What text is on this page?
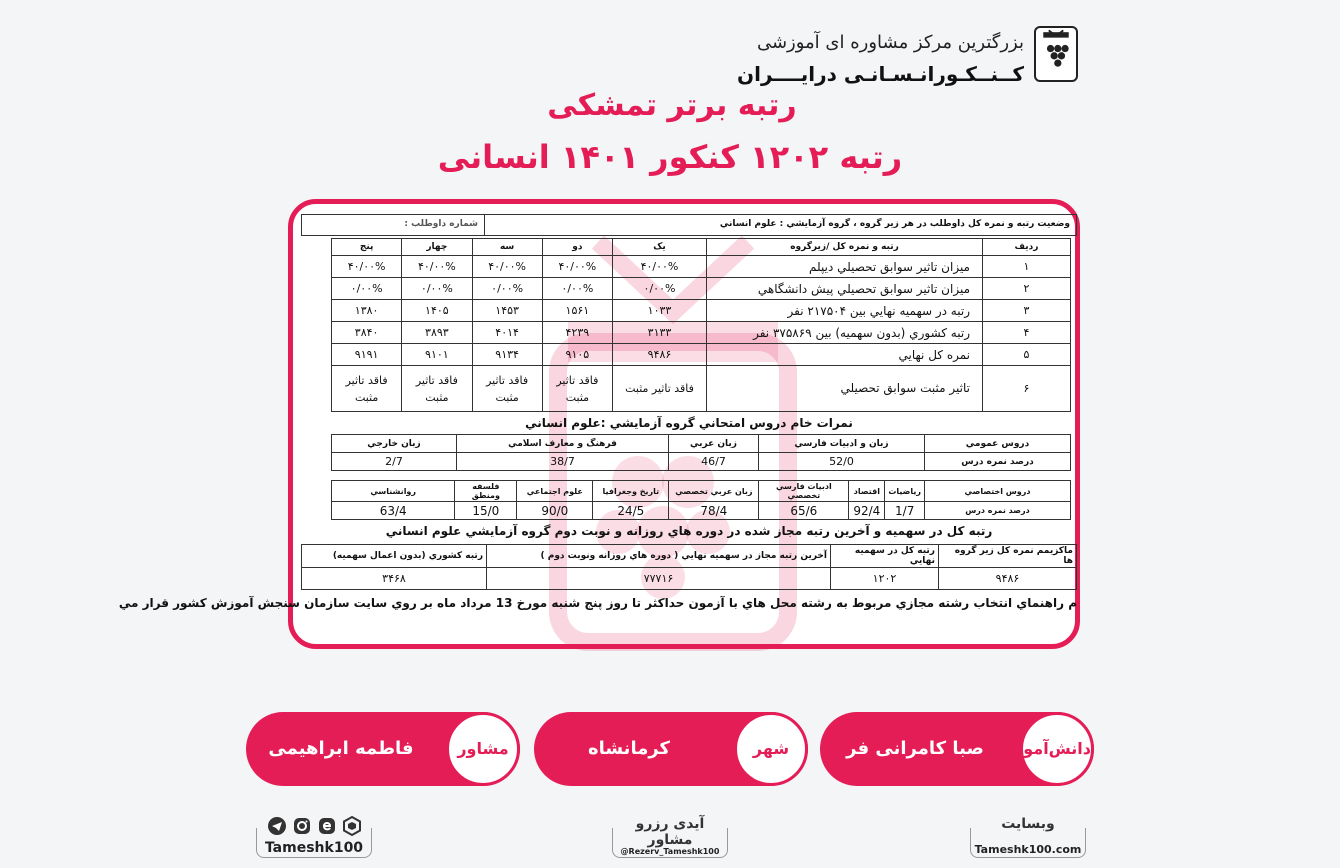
بزرگترین مرکز مشاوره ای آموزشی
کــنــکـورانـسـانـی درایــــران
رتبه برتر تمشکی
رتبه ۱۲۰۲ کنکور ۱۴۰۱ انسانی
وضعيت رتبه و نمره کل داوطلب در هر زير گروه ، گروه آزمايشي : علوم انساني
شماره داوطلب :
رديف	رتبه و نمره کل /زيرگروه	يک	دو	سه	چهار	پنج
۱	ميزان تاثير سوابق تحصيلي ديپلم	۴۰/۰۰%	۴۰/۰۰%	۴۰/۰۰%	۴۰/۰۰%	۴۰/۰۰%
۲	ميزان تاثير سوابق تحصيلي پيش دانشگاهي	۰/۰۰%	۰/۰۰%	۰/۰۰%	۰/۰۰%	۰/۰۰%
۳	رتبه در سهميه نهايي بين ۲۱۷۵۰۴ نفر	۱۰۳۳	۱۵۶۱	۱۴۵۳	۱۴۰۵	۱۳۸۰
۴	رتبه کشوري (بدون سهميه) بين ۳۷۵۸۶۹ نفر	۳۱۳۳	۴۲۳۹	۴۰۱۴	۳۸۹۳	۳۸۴۰
۵	نمره کل نهايي	۹۴۸۶	۹۱۰۵	۹۱۳۴	۹۱۰۱	۹۱۹۱
۶	تاثير مثبت سوابق تحصيلي	فاقد تاثير مثبت	فاقد تاثير مثبت	فاقد تاثير مثبت	فاقد تاثير مثبت	فاقد تاثير مثبت
نمرات خام دروس امتحاني گروه آزمايشي :علوم انساني
دروس عمومي	زبان و ادبيات فارسي	زبان عربي	فرهنگ و معارف اسلامي	زبان خارجي
درصد نمره درس	52/0	46/7	38/7	2/7
دروس اختصاصي	رياضيات	اقتصاد	ادبيات فارسي تخصصي	زبان عربي تخصصي	تاريخ وجغرافيا	علوم اجتماعي	فلسفه ومنطق	روانشناسي
درصد نمره درس	1/7	92/4	65/6	78/4	24/5	90/0	15/0	63/4
رتبه کل در سهميه و آخرين رتبه مجاز شده در دوره هاي روزانه و نوبت دوم گروه آزمايشي علوم انساني
ماکزيمم نمره کل زير گروه ها	رتبه کل در سهميه نهايي	آخرين رتبه مجاز در سهميه نهايي ( دوره هاي روزانه ونوبت دوم )	رتبه کشوري (بدون اعمال سهميه)
۹۴۸۶	۱۲۰۲	۷۷۷۱۶	۳۴۶۸
م راهنماي انتخاب رشته مجازي مربوط به رشته محل هاي با آزمون حداکثر تا روز پنج شنبه مورخ 13 مرداد ماه بر روي سايت سازمان سنجش آموزش کشور قرار مي
صبا کامرانی فر	دانش‌آموز
کرمانشاه	شهر
فاطمه ابراهیمی	مشاور
وبسایت
Tameshk100.com
آیدی رزرو مشاور
@Rezerv_Tameshk100
Tameshk100
